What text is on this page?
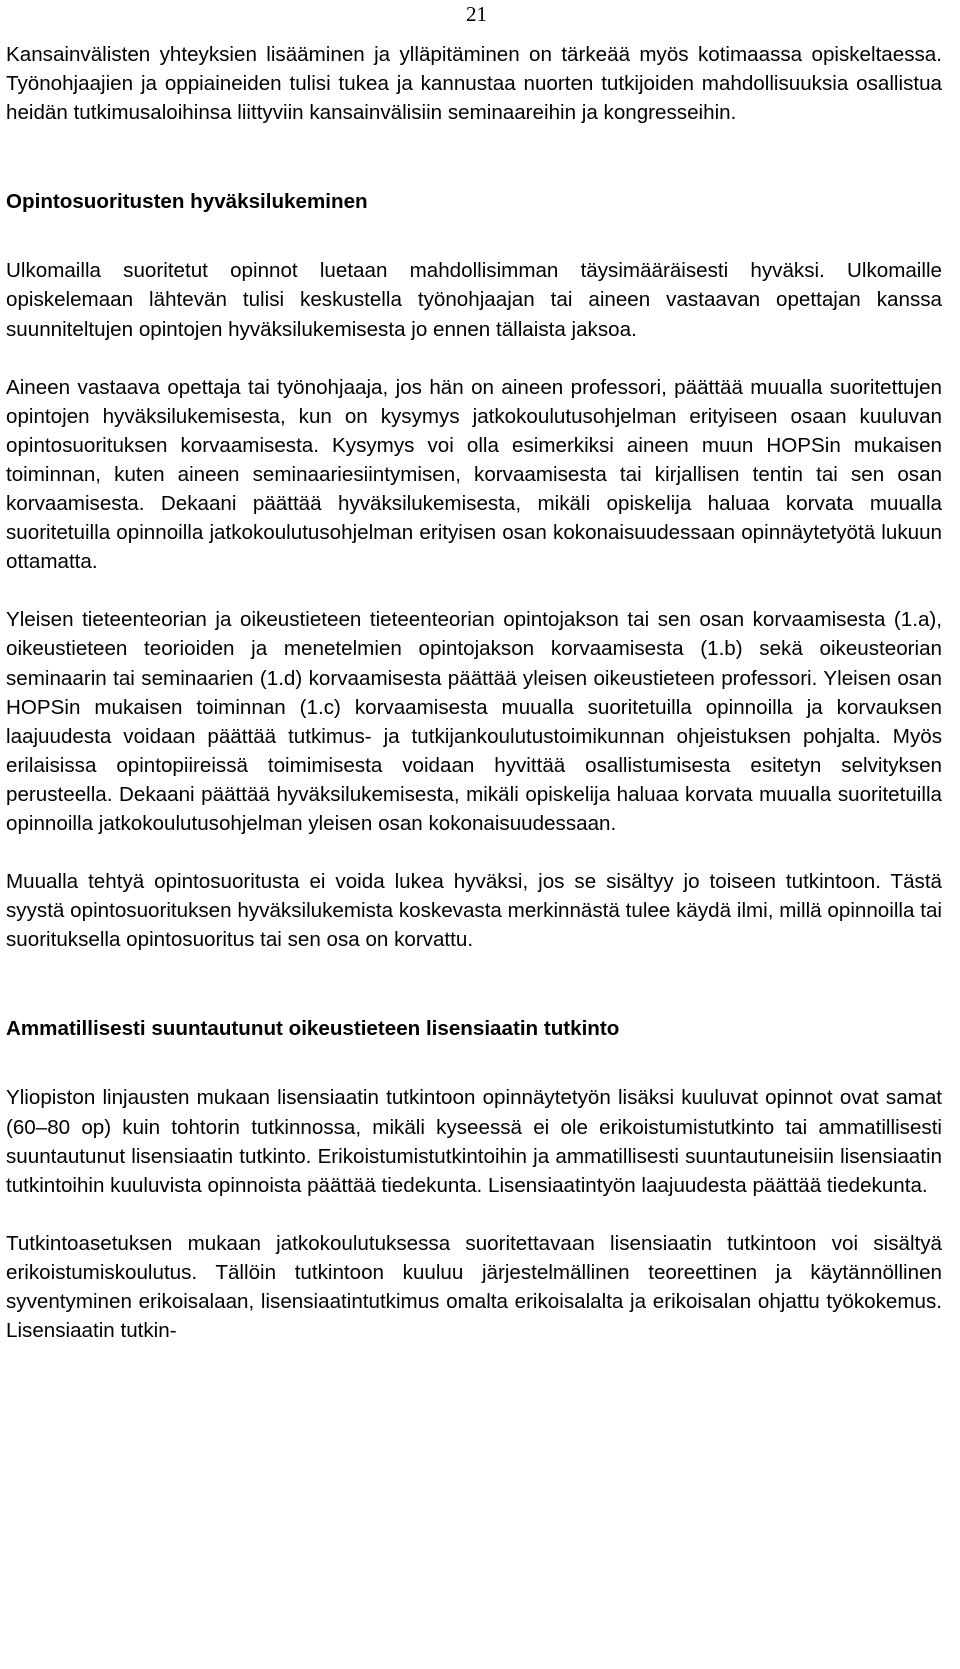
21

Kansainvälisten yhteyksien lisääminen ja ylläpitäminen on tärkeää myös kotimaassa opiskeltaessa. Työnohjaajien ja oppiaineiden tulisi tukea ja kannustaa nuorten tutkijoiden mahdollisuuksia osallistua heidän tutkimusaloihinsa liittyviin kansainvälisiin seminaareihin ja kongresseihin.

Opintosuoritusten hyväksilukeminen

Ulkomailla suoritetut opinnot luetaan mahdollisimman täysimääräisesti hyväksi. Ulkomaille opiskelemaan lähtevän tulisi keskustella työnohjaajan tai aineen vastaavan opettajan kanssa suunniteltujen opintojen hyväksilukemisesta jo ennen tällaista jaksoa.

Aineen vastaava opettaja tai työnohjaaja, jos hän on aineen professori, päättää muualla suoritettujen opintojen hyväksilukemisesta, kun on kysymys jatkokoulutusohjelman erityiseen osaan kuuluvan opintosuorituksen korvaamisesta. Kysymys voi olla esimerkiksi aineen muun HOPSin mukaisen toiminnan, kuten aineen seminaariesiintymisen, korvaamisesta tai kirjallisen tentin tai sen osan korvaamisesta. Dekaani päättää hyväksilukemisesta, mikäli opiskelija haluaa korvata muualla suoritetuilla opinnoilla jatkokoulutusohjelman erityisen osan kokonaisuudessaan opinnäytetyötä lukuun ottamatta.

Yleisen tieteenteorian ja oikeustieteen tieteenteorian opintojakson tai sen osan korvaamisesta (1.a), oikeustieteen teorioiden ja menetelmien opintojakson korvaamisesta (1.b) sekä oikeusteorian seminaarin tai seminaarien (1.d) korvaamisesta päättää yleisen oikeustieteen professori. Yleisen osan HOPSin mukaisen toiminnan (1.c) korvaamisesta muualla suoritetuilla opinnoilla ja korvauksen laajuudesta voidaan päättää tutkimus- ja tutkijankoulutustoimikunnan ohjeistuksen pohjalta. Myös erilaisissa opintopiireissä toimimisesta voidaan hyvittää osallistumisesta esitetyn selvityksen perusteella. Dekaani päättää hyväksilukemisesta, mikäli opiskelija haluaa korvata muualla suoritetuilla opinnoilla jatkokoulutusohjelman yleisen osan kokonaisuudessaan.

Muualla tehtyä opintosuoritusta ei voida lukea hyväksi, jos se sisältyy jo toiseen tutkintoon. Tästä syystä opintosuorituksen hyväksilukemista koskevasta merkinnästä tulee käydä ilmi, millä opinnoilla tai suorituksella opintosuoritus tai sen osa on korvattu.

Ammatillisesti suuntautunut oikeustieteen lisensiaatin tutkinto

Yliopiston linjausten mukaan lisensiaatin tutkintoon opinnäytetyön lisäksi kuuluvat opinnot ovat samat (60–80 op) kuin tohtorin tutkinnossa, mikäli kyseessä ei ole erikoistumistutkinto tai ammatillisesti suuntautunut lisensiaatin tutkinto. Erikoistumistutkintoihin ja ammatillisesti suuntautuneisiin lisensiaatin tutkintoihin kuuluvista opinnoista päättää tiedekunta. Lisensiaatintyön laajuudesta päättää tiedekunta.

Tutkintoasetuksen mukaan jatkokoulutuksessa suoritettavaan lisensiaatin tutkintoon voi sisältyä erikoistumiskoulutus. Tällöin tutkintoon kuuluu järjestelmällinen teoreettinen ja käytännöllinen syventyminen erikoisalaan, lisensiaatintutkimus omalta erikoisalalta ja erikoisalan ohjattu työkokemus. Lisensiaatin tutkin-
